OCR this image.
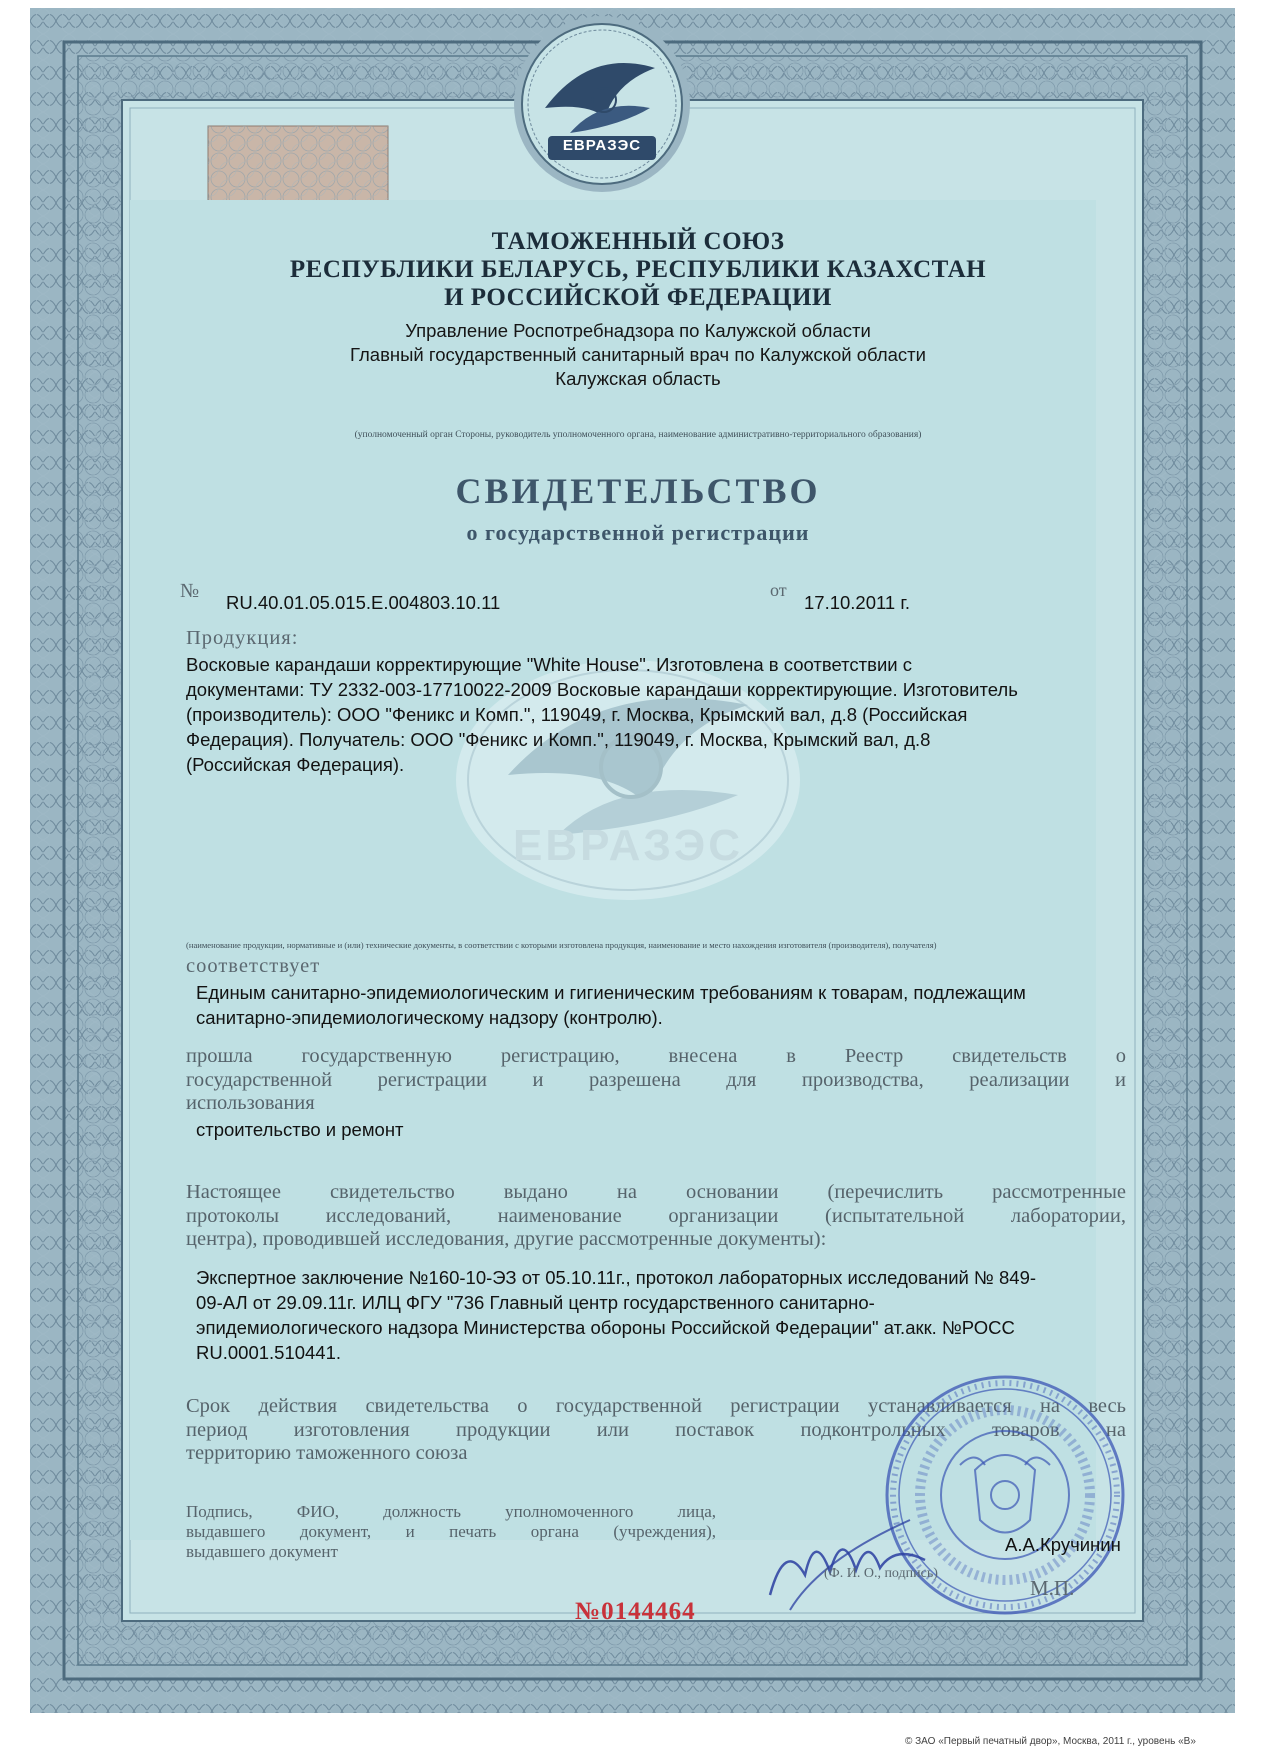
ЕВРАЗЭС
ЕВРАЗЭС
ТАМОЖЕННЫЙ СОЮЗ
РЕСПУБЛИКИ БЕЛАРУСЬ, РЕСПУБЛИКИ КАЗАХСТАН
И РОССИЙСКОЙ ФЕДЕРАЦИИ
Управление Роспотребнадзора по Калужской области
Главный государственный санитарный врач по Калужской области
Калужская область
(уполномоченный орган Стороны, руководитель уполномоченного органа, наименование административно-территориального образования)
СВИДЕТЕЛЬСТВО
о государственной регистрации
№
RU.40.01.05.015.E.004803.10.11
от
17.10.2011 г.
Продукция:
Восковые карандаши корректирующие "White House". Изготовлена в соответствии с
документами: ТУ 2332-003-17710022-2009 Восковые карандаши корректирующие. Изготовитель
(производитель): ООО "Феникс и Комп.", 119049, г. Москва, Крымский вал, д.8 (Российская
Федерация). Получатель: ООО "Феникс и Комп.", 119049, г. Москва, Крымский вал, д.8
(Российская Федерация).
(наименование продукции, нормативные и (или) технические документы, в соответствии с которыми изготовлена продукция, наименование и место нахождения изготовителя (производителя), получателя)
соответствует
Единым санитарно-эпидемиологическим и гигиеническим требованиям к товарам, подлежащим
санитарно-эпидемиологическому надзору (контролю).
прошла государственную регистрацию, внесена в Реестр свидетельств о
государственной регистрации и разрешена для производства, реализации и
использования
строительство и ремонт
Настоящее свидетельство выдано на основании (перечислить рассмотренные
протоколы исследований, наименование организации (испытательной лаборатории,
центра), проводившей исследования, другие рассмотренные документы):
Экспертное заключение №160-10-ЭЗ от 05.10.11г., протокол лабораторных исследований № 849-
09-АЛ от 29.09.11г. ИЛЦ ФГУ "736 Главный центр государственного санитарно-
эпидемиологического надзора Министерства обороны Российской Федерации" ат.акк. №РОСС
RU.0001.510441.
Срок действия свидетельства о государственной регистрации устанавливается на весь
период изготовления продукции или поставок подконтрольных товаров на
территорию таможенного союза
Подпись, ФИО, должность уполномоченного лица,
выдавшего документ, и печать органа (учреждения),
выдавшего документ	А.А.Кручинин
(Ф. И. О., подпись)
М.П.
№0144464
© ЗАО «Первый печатный двор», Москва, 2011 г., уровень «В»
